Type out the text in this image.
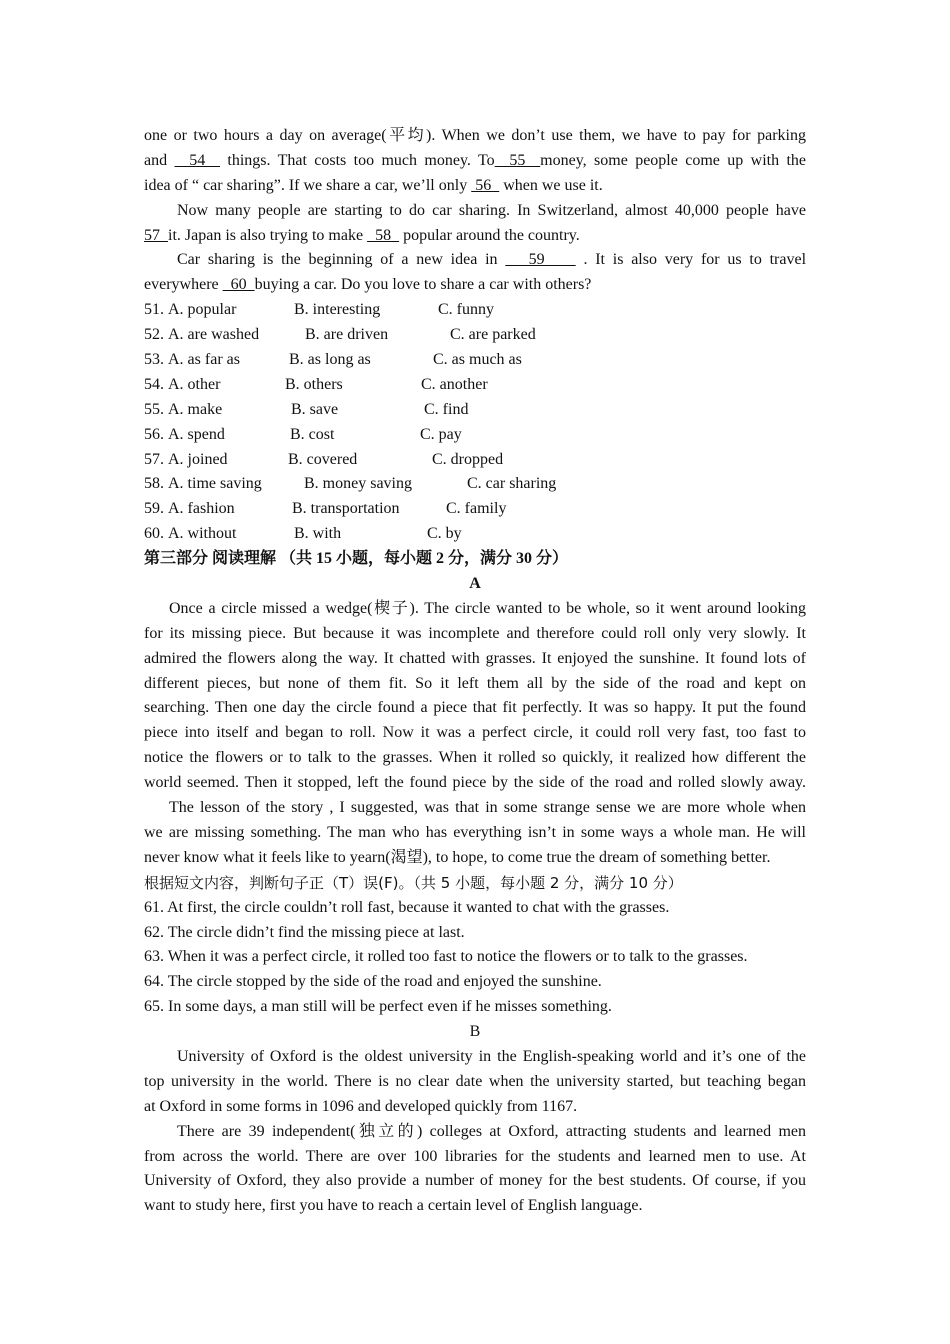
one or two hours a day on average(平均). When we don’t use them, we have to pay for parking
and   54   things. That costs too much money. To  55  money, some people come up with the
idea of “ car sharing”. If we share a car, we’ll only  56   when we use it.
Now many people are starting to do car sharing. In Switzerland, almost 40,000 people have
57  it. Japan is also trying to make   58   popular around the country.
Car sharing is the beginning of a new idea in    59     . It is also very for us to travel
everywhere   60  buying a car. Do you love to share a car with others?
51. A. popular	B. interesting	C. funny
52. A. are washed	B. are driven	C. are parked
53. A. as far as	B. as long as	C. as much as
54. A. other	B. others	C. another
55. A. make	B. save	C. find
56. A. spend	B. cost	C. pay
57. A. joined	B. covered	C. dropped
58. A. time saving	B. money saving	C. car sharing
59. A. fashion	B. transportation	C. family
60. A. without	B. with	C. by
第三部分 阅读理解 （共 15 小题，每小题 2 分，满分 30 分）
A
Once a circle missed a wedge(楔子). The circle wanted to be whole, so it went around looking
for its missing piece. But because it was incomplete and therefore could roll only very slowly. It
admired the flowers along the way. It chatted with grasses. It enjoyed the sunshine. It found lots of
different pieces, but none of them fit. So it left them all by the side of the road and kept on
searching. Then one day the circle found a piece that fit perfectly. It was so happy. It put the found
piece into itself and began to roll. Now it was a perfect circle, it could roll very fast, too fast to
notice the flowers or to talk to the grasses. When it rolled so quickly, it realized how different the
world seemed. Then it stopped, left the found piece by the side of the road and rolled slowly away.
The lesson of the story , I suggested, was that in some strange sense we are more whole when
we are missing something. The man who has everything isn’t in some ways a whole man. He will
never know what it feels like to yearn(渴望), to hope, to come true the dream of something better.
根据短文内容，判断句子正（T）误(F)。（共 5 小题，每小题 2 分，满分 10 分）
61. At first, the circle couldn’t roll fast, because it wanted to chat with the grasses.
62. The circle didn’t find the missing piece at last.
63. When it was a perfect circle, it rolled too fast to notice the flowers or to talk to the grasses.
64. The circle stopped by the side of the road and enjoyed the sunshine.
65. In some days, a man still will be perfect even if he misses something.
B
University of Oxford is the oldest university in the English-speaking world and it’s one of the
top university in the world. There is no clear date when the university started, but teaching began
at Oxford in some forms in 1096 and developed quickly from 1167.
There are 39 independent(独立的) colleges at Oxford, attracting students and learned men
from across the world. There are over 100 libraries for the students and learned men to use. At
University of Oxford, they also provide a number of money for the best students. Of course, if you
want to study here, first you have to reach a certain level of English language.
